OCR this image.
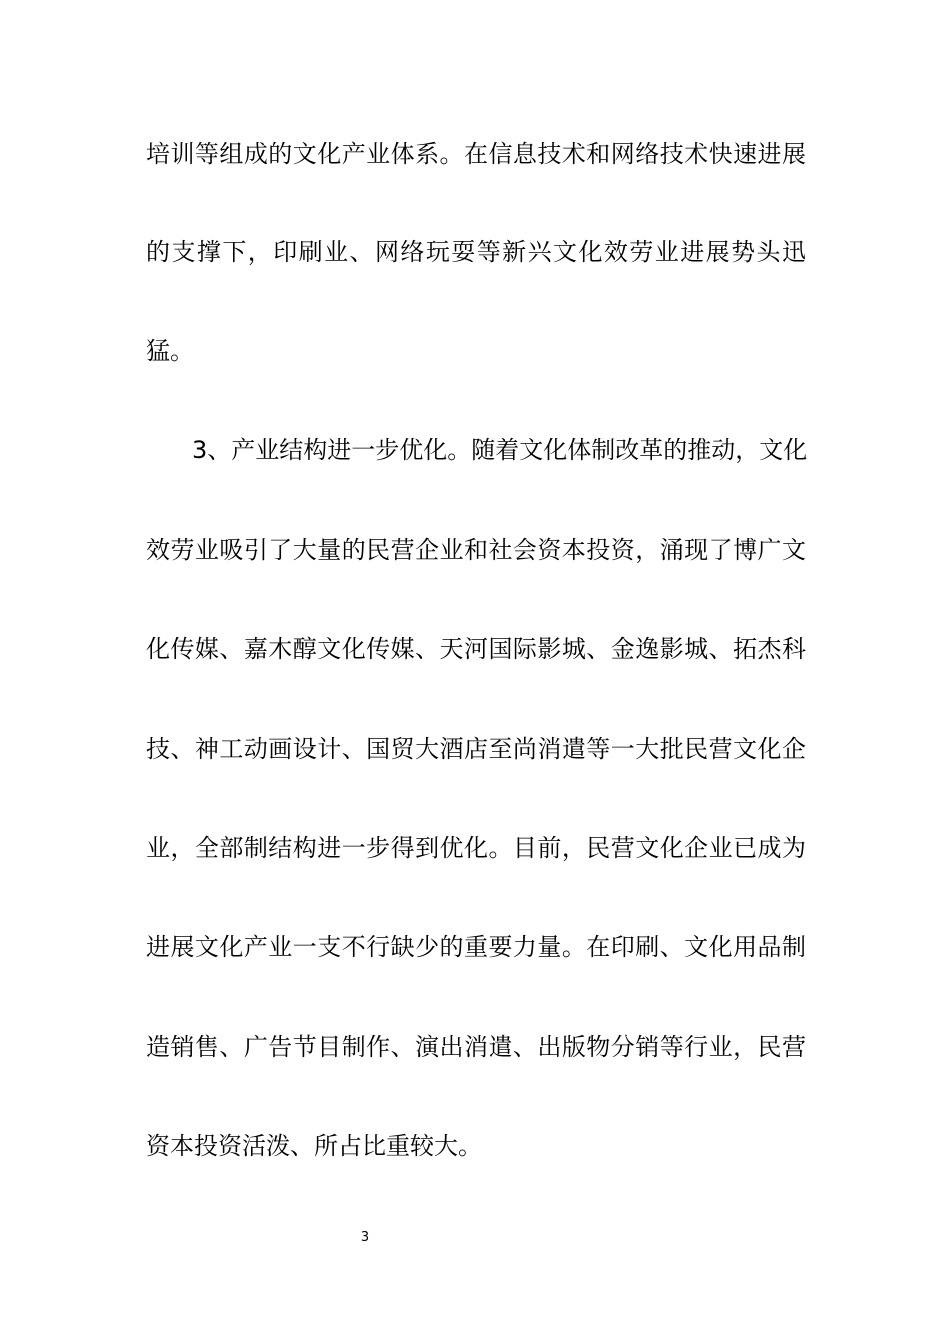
培训等组成的文化产业体系。在信息技术和网络技术快速进展
的支撑下，印刷业、网络玩耍等新兴文化效劳业进展势头迅
猛。
3、产业结构进一步优化。随着文化体制改革的推动，文化
效劳业吸引了大量的民营企业和社会资本投资，涌现了博广文
化传媒、嘉木醇文化传媒、天河国际影城、金逸影城、拓杰科
技、神工动画设计、国贸大酒店至尚消遣等一大批民营文化企
业，全部制结构进一步得到优化。目前，民营文化企业已成为
进展文化产业一支不行缺少的重要力量。在印刷、文化用品制
造销售、广告节目制作、演出消遣、出版物分销等行业，民营
资本投资活泼、所占比重较大。
3
